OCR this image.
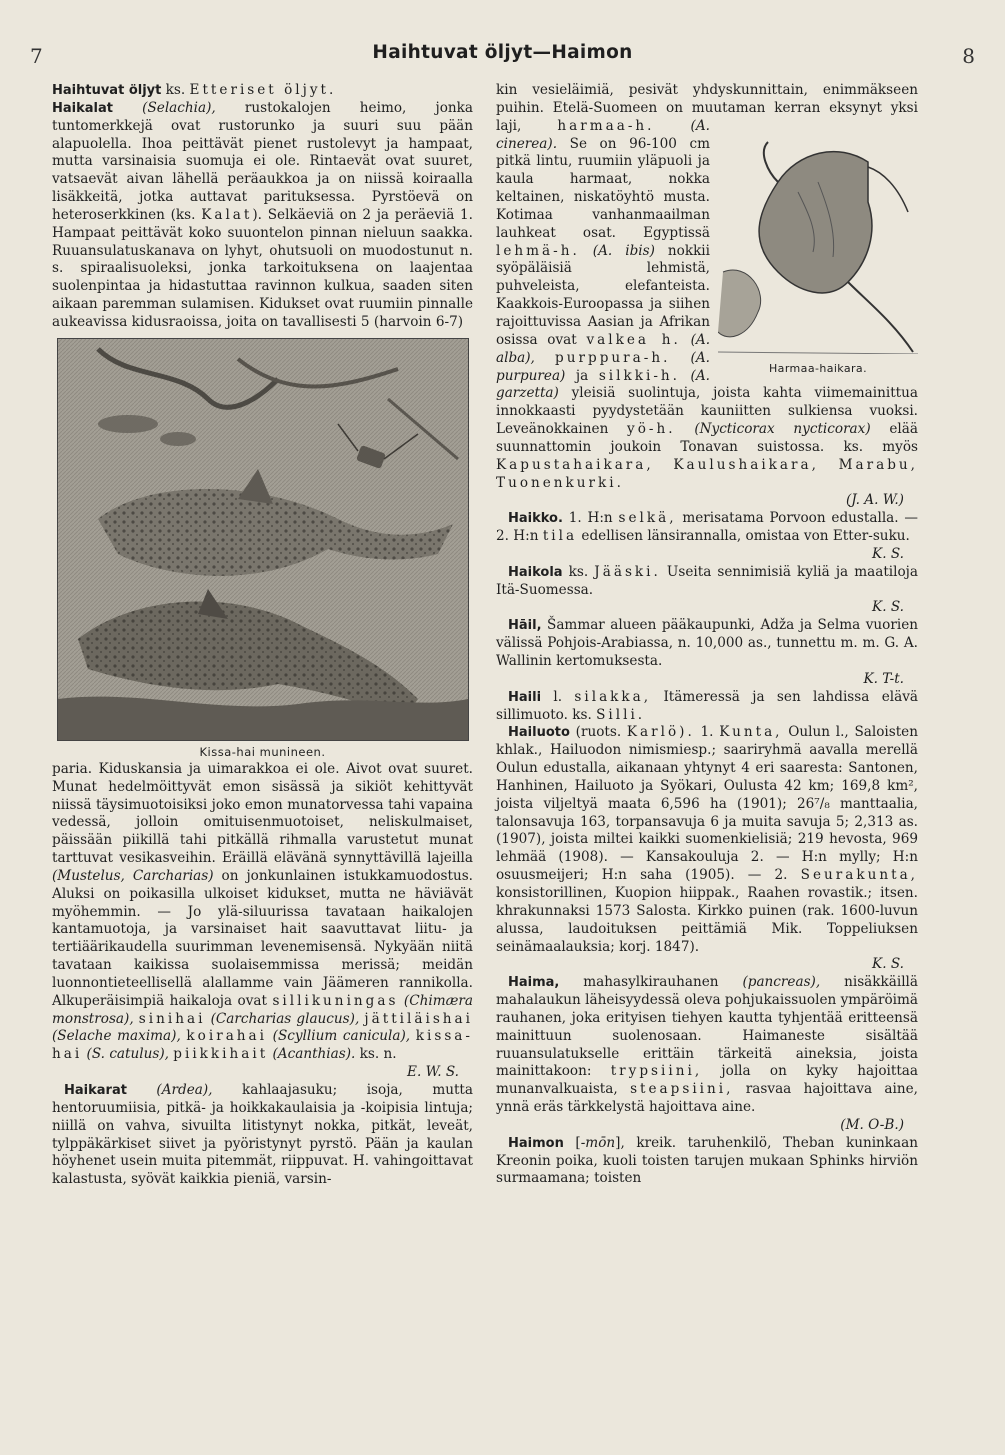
7	Haihtuvat öljyt—Haimon	8

Haihtuvat öljyt ks. Etteriset öljyt.

Haikalat (Selachia), rustokalojen heimo, jonka tuntomerkkejä ovat rustorunko ja suuri suu pään alapuolella. Ihoa peittävät pienet rustolevyt ja hampaat, mutta varsinaisia suomuja ei ole. Rintaevät ovat suuret, vatsaevät aivan lähellä peräaukkoa ja on niissä koiraalla lisäkkeitä, jotka auttavat parituksessa. Pyrstöevä on heteroserkkinen (ks. Kalat). Selkäeviä on 2 ja peräeviä 1. Hampaat peittävät koko suuontelon pinnan nieluun saakka. Ruuansulatuskanava on lyhyt, ohutsuoli on muodostunut n. s. spiraalisuoleksi, jonka tarkoituksena on laajentaa suolenpintaa ja hidastuttaa ravinnon kulkua, saaden siten aikaan paremman sulamisen. Kidukset ovat ruumiin pinnalle aukeavissa kidusraoissa, joita on tavallisesti 5 (harvoin 6-7)

Kissa-hai munineen.

paria. Kiduskansia ja uimarakkoa ei ole. Aivot ovat suuret. Munat hedelmöittyvät emon sisässä ja sikiöt kehittyvät niissä täysimuotoisiksi joko emon munatorvessa tahi vapaina vedessä, jolloin omituisenmuotoiset, neliskulmaiset, päissään piikillä tahi pitkällä rihmalla varustetut munat tarttuvat vesikasveihin. Eräillä elävänä synnyttävillä lajeilla (Mustelus, Carcharias) on jonkunlainen istukkamuodostus. Aluksi on poikasilla ulkoiset kidukset, mutta ne häviävät myöhemmin. — Jo ylä-siluurissa tavataan haikalojen kantamuotoja, ja varsinaiset hait saavuttavat liitu- ja tertiäärikaudella suurimman levenemisensä. Nykyään niitä tavataan kaikissa suolaisemmissa merissä; meidän luonnontieteellisellä alallamme vain Jäämeren rannikolla. Alkuperäisimpiä haikaloja ovat sillikuningas (Chimæra monstrosa), sinihai (Carcharias glaucus), jättiläishai (Selache maxima), koirahai (Scyllium canicula), kissa-hai (S. catulus), piikkihait (Acanthias). ks. n.
E. W. S.

Haikarat (Ardea), kahlaajasuku; isoja, mutta hentoruumiisia, pitkä- ja hoikkakaulaisia ja -koipisia lintuja; niillä on vahva, sivuilta litistynyt nokka, pitkät, leveät, tylppäkärkiset siivet ja pyöristynyt pyrstö. Pään ja kaulan höyhenet usein muita pitemmät, riippuvat. H. vahingoittavat kalastusta, syövät kaikkia pieniä, varsin-

kin vesieläimiä, pesivät yhdyskunnittain, enimmäkseen puihin. Etelä-Suomeen on muutaman kerran eksynyt yksi laji,
Harmaa-haikara.
harmaa-h. (A. cinerea). Se on 96-100 cm pitkä lintu, ruumiin yläpuoli ja kaula harmaat, nokka keltainen, niskatöyhtö musta. Kotimaa vanhanmaailman lauhkeat osat. Egyptissä lehmä-h. (A. ibis) nokkii syöpäläisiä lehmistä, puhveleista, elefanteista. Kaakkois-Euroopassa ja siihen rajoittuvissa Aasian ja Afrikan osissa ovat valkea h. (A. alba), purppura-h. (A. purpurea) ja silkki-h. (A. garzetta) yleisiä suolintuja, joista kahta viimemainittua innokkaasti pyydystetään kauniitten sulkiensa vuoksi. Leveänokkainen yö-h. (Nycticorax nycticorax) elää suunnattomin joukoin Tonavan suistossa. ks. myös Kapustahaikara, Kaulushaikara, Marabu, Tuonenkurki.
(J. A. W.)

Haikko. 1. H:n selkä, merisatama Porvoon edustalla. — 2. H:n tila edellisen länsirannalla, omistaa von Etter-suku.
K. S.

Haikola ks. Jääski. Useita sennimisiä kyliä ja maatiloja Itä-Suomessa.
K. S.

Hāil, Šammar alueen pääkaupunki, Adža ja Selma vuorien välissä Pohjois-Arabiassa, n. 10,000 as., tunnettu m. m. G. A. Wallinin kertomuksesta.
K. T-t.

Haili l. silakka, Itämeressä ja sen lahdissa elävä sillimuoto. ks. Silli.

Hailuoto (ruots. Karlö). 1. Kunta, Oulun l., Saloisten khlak., Hailuodon nimismiesp.; saariryhmä aavalla merellä Oulun edustalla, aikanaan yhtynyt 4 eri saaresta: Santonen, Hanhinen, Hailuoto ja Syökari, Oulusta 42 km; 169,8 km², joista viljeltyä maata 6,596 ha (1901); 26⁷/₈ manttaalia, talonsavuja 163, torpansavuja 6 ja muita savuja 5; 2,313 as. (1907), joista miltei kaikki suomenkielisiä; 219 hevosta, 969 lehmää (1908). — Kansakouluja 2. — H:n mylly; H:n osuusmeijeri; H:n saha (1905). — 2. Seurakunta, konsistorillinen, Kuopion hiippak., Raahen rovastik.; itsen. khrakunnaksi 1573 Salosta. Kirkko puinen (rak. 1600-luvun alussa, laudoituksen peittämiä Mik. Toppeliuksen seinämaalauksia; korj. 1847).
K. S.

Haima, mahasylkirauhanen (pancreas), nisäkkäillä mahalaukun läheisyydessä oleva pohjukaissuolen ympäröimä rauhanen, joka erityisen tiehyen kautta tyhjentää eritteensä mainittuun suolenosaan. Haimaneste sisältää ruuansulatukselle erittäin tärkeitä aineksia, joista mainittakoon: trypsiini, jolla on kyky hajoittaa munanvalkuaista, steapsiini, rasvaa hajoittava aine, ynnä eräs tärkkelystä hajoittava aine.
(M. O-B.)

Haimon [-mōn], kreik. taruhenkilö, Theban kuninkaan Kreonin poika, kuoli toisten tarujen mukaan Sphinks hirviön surmaamana; toisten
